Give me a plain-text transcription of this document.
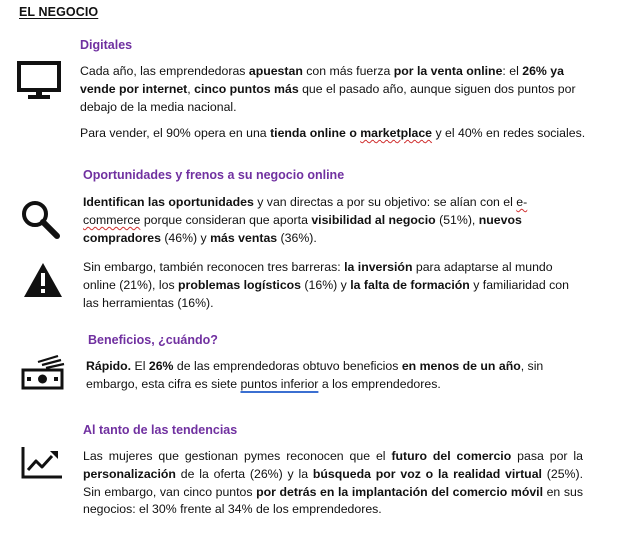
EL NEGOCIO
Digitales
Cada año, las emprendedoras apuestan con más fuerza por la venta online: el 26% ya vende por internet, cinco puntos más que el pasado año, aunque siguen dos puntos por debajo de la media nacional.
Para vender, el 90% opera en una tienda online o marketplace y el 40% en redes sociales.
Oportunidades y frenos a su negocio online
Identifican las oportunidades y van directas a por su objetivo: se alían con el e-commerce porque consideran que aporta visibilidad al negocio (51%), nuevos compradores (46%) y más ventas (36%).
Sin embargo, también reconocen tres barreras: la inversión para adaptarse al mundo online (21%), los problemas logísticos (16%) y la falta de formación y familiaridad con las herramientas (16%).
Beneficios, ¿cuándo?
Rápido. El 26% de las emprendedoras obtuvo beneficios en menos de un año, sin embargo, esta cifra es siete puntos inferior a los emprendedores.
Al tanto de las tendencias
Las mujeres que gestionan pymes reconocen que el futuro del comercio pasa por la personalización de la oferta (26%) y la búsqueda por voz o la realidad virtual (25%). Sin embargo, van cinco puntos por detrás en la implantación del comercio móvil en sus negocios: el 30% frente al 34% de los emprendedores.
